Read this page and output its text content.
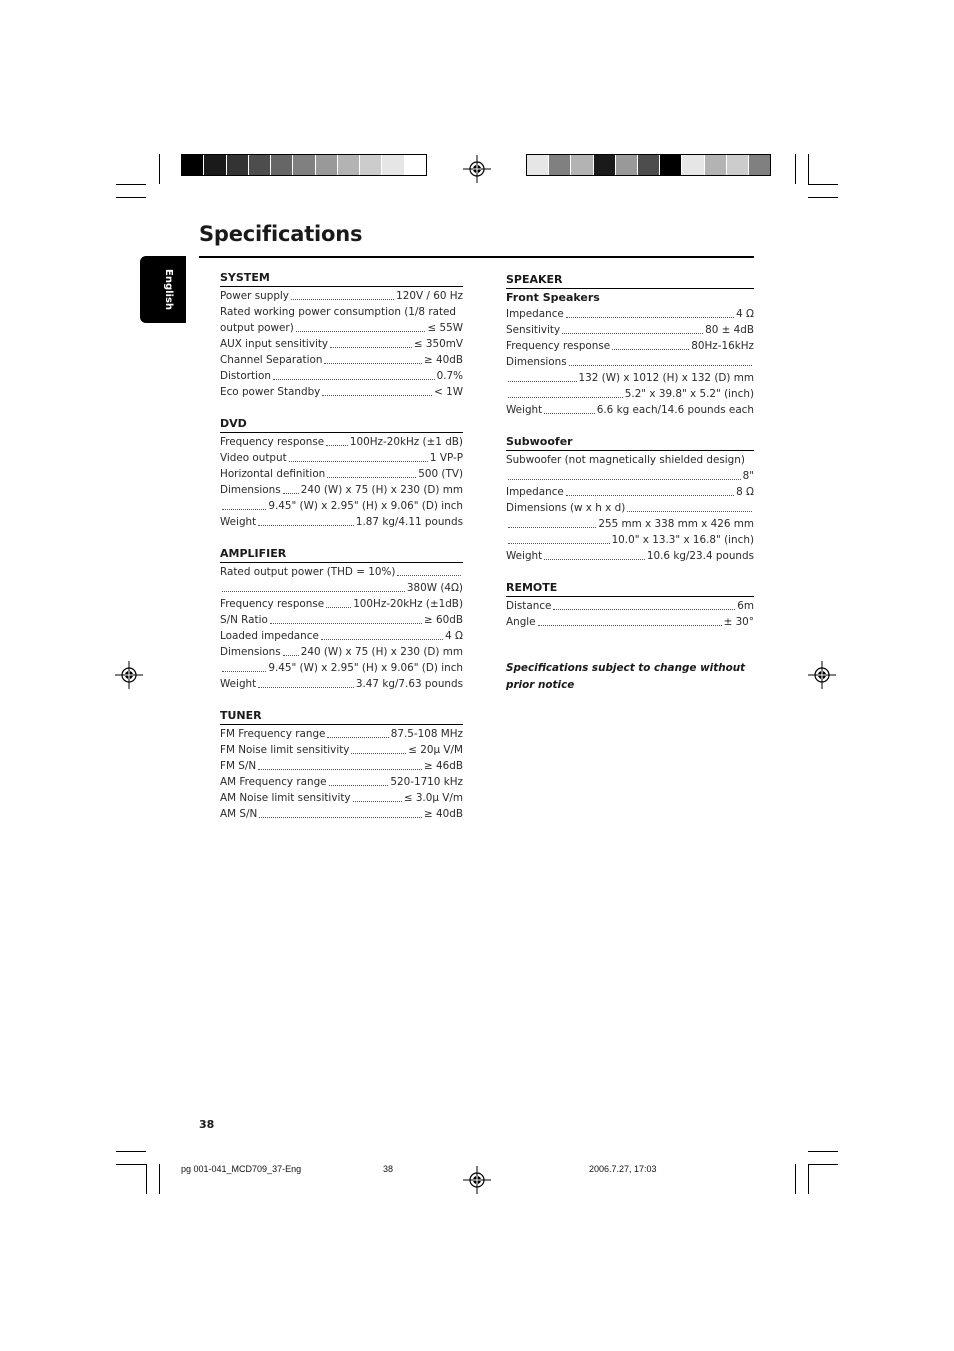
English
Specifications
SYSTEM
Power supply	120V / 60 Hz
Rated working power consumption (1/8 rated
output power)	≤ 55W
AUX input sensitivity	≤ 350mV
Channel Separation	≥ 40dB
Distortion	0.7%
Eco power Standby	< 1W
DVD
Frequency response 100Hz-20kHz (±1 dB)
Video output	1 VP-P
Horizontal definition	500 (TV)
Dimensions 240 (W) x 75 (H) x 230 (D) mm
9.45" (W) x 2.95" (H) x 9.06" (D) inch
Weight	1.87 kg/4.11 pounds
AMPLIFIER
Rated output power (THD = 10%)
380W (4Ω)
Frequency response	100Hz-20kHz (±1dB)
S/N Ratio	≥ 60dB
Loaded impedance	4 Ω
Dimensions 240 (W) x 75 (H) x 230 (D) mm
9.45" (W) x 2.95" (H) x 9.06" (D) inch
Weight	3.47 kg/7.63 pounds
TUNER
FM Frequency range	87.5-108 MHz
FM Noise limit sensitivity	≤ 20µ V/M
FM S/N	≥ 46dB
AM Frequency range	520-1710 kHz
AM Noise limit sensitivity	≤ 3.0µ V/m
AM S/N	≥ 40dB
SPEAKER
Front Speakers
Impedance	4 Ω
Sensitivity	80 ± 4dB
Frequency response	80Hz-16kHz
Dimensions
132 (W) x 1012 (H) x 132 (D) mm
5.2" x 39.8" x 5.2" (inch)
Weight	6.6 kg each/14.6 pounds each
Subwoofer
Subwoofer (not magnetically shielded design)
8"
Impedance	8 Ω
Dimensions (w x h x d)
255 mm x 338 mm x 426 mm
10.0" x 13.3" x 16.8" (inch)
Weight	10.6 kg/23.4 pounds
REMOTE
Distance	6m
Angle	± 30°
Specifications subject to change without prior notice
38
pg 001-041_MCD709_37-Eng	38	2006.7.27, 17:03
